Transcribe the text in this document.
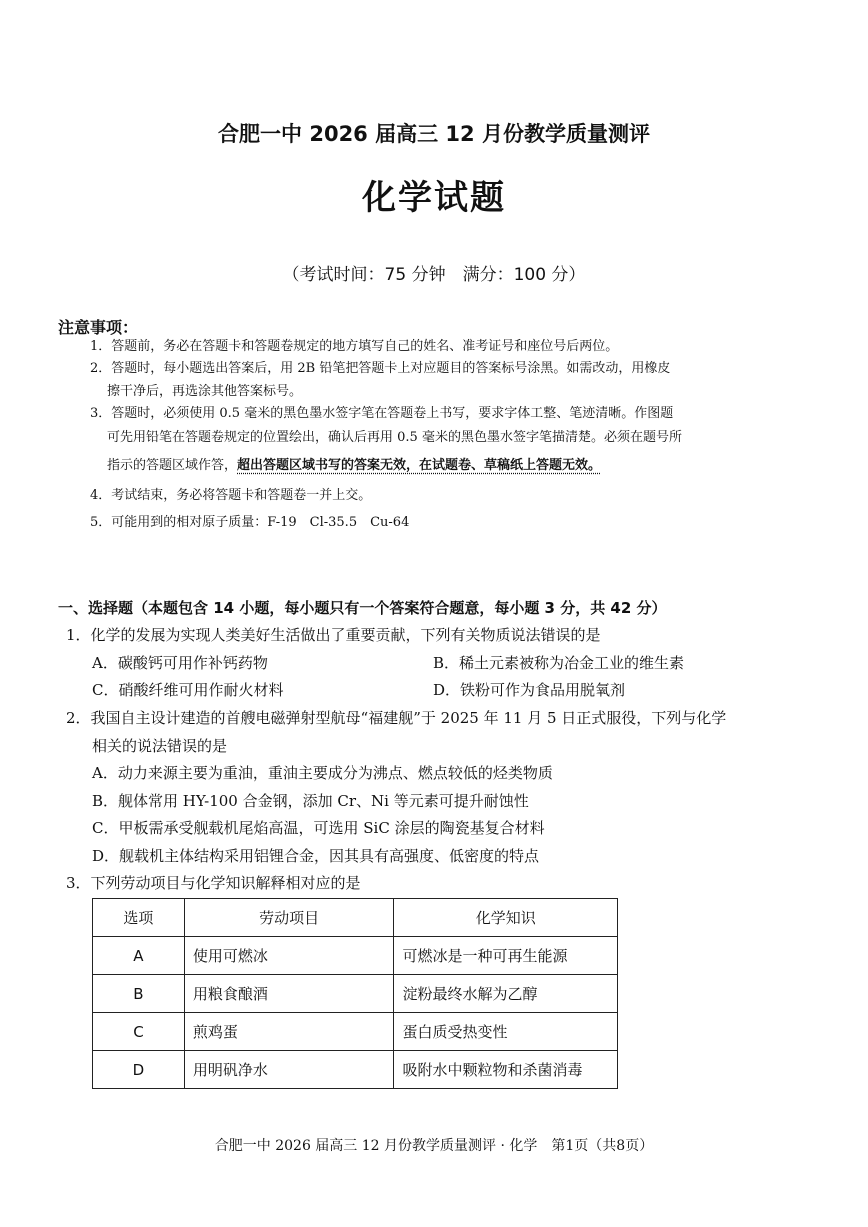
合肥一中 2026 届高三 12 月份教学质量测评
化学试题
（考试时间：75 分钟　满分：100 分）
注意事项：
1．答题前，务必在答题卡和答题卷规定的地方填写自己的姓名、准考证号和座位号后两位。
2．答题时，每小题选出答案后，用 2B 铅笔把答题卡上对应题目的答案标号涂黑。如需改动，用橡皮
擦干净后，再选涂其他答案标号。
3．答题时，必须使用 0.5 毫米的黑色墨水签字笔在答题卷上书写，要求字体工整、笔迹清晰。作图题
可先用铅笔在答题卷规定的位置绘出，确认后再用 0.5 毫米的黑色墨水签字笔描清楚。必须在题号所
指示的答题区域作答，超出答题区域书写的答案无效，在试题卷、草稿纸上答题无效。
4．考试结束，务必将答题卡和答题卷一并上交。
5．可能用到的相对原子质量：F-19　Cl-35.5　Cu-64
一、选择题（本题包含 14 小题，每小题只有一个答案符合题意，每小题 3 分，共 42 分）
1．化学的发展为实现人类美好生活做出了重要贡献，下列有关物质说法错误的是
A．碳酸钙可用作补钙药物	B．稀土元素被称为冶金工业的维生素
C．硝酸纤维可用作耐火材料	D．铁粉可作为食品用脱氧剂
2．我国自主设计建造的首艘电磁弹射型航母“福建舰”于 2025 年 11 月 5 日正式服役，下列与化学
相关的说法错误的是
A．动力来源主要为重油，重油主要成分为沸点、燃点较低的烃类物质
B．舰体常用 HY-100 合金钢，添加 Cr、Ni 等元素可提升耐蚀性
C．甲板需承受舰载机尾焰高温，可选用 SiC 涂层的陶瓷基复合材料
D．舰载机主体结构采用铝锂合金，因其具有高强度、低密度的特点
3．下列劳动项目与化学知识解释相对应的是
选项	劳动项目	化学知识
A	使用可燃冰	可燃冰是一种可再生能源
B	用粮食酿酒	淀粉最终水解为乙醇
C	煎鸡蛋	蛋白质受热变性
D	用明矾净水	吸附水中颗粒物和杀菌消毒
合肥一中 2026 届高三 12 月份教学质量测评 · 化学　第1页（共8页）
